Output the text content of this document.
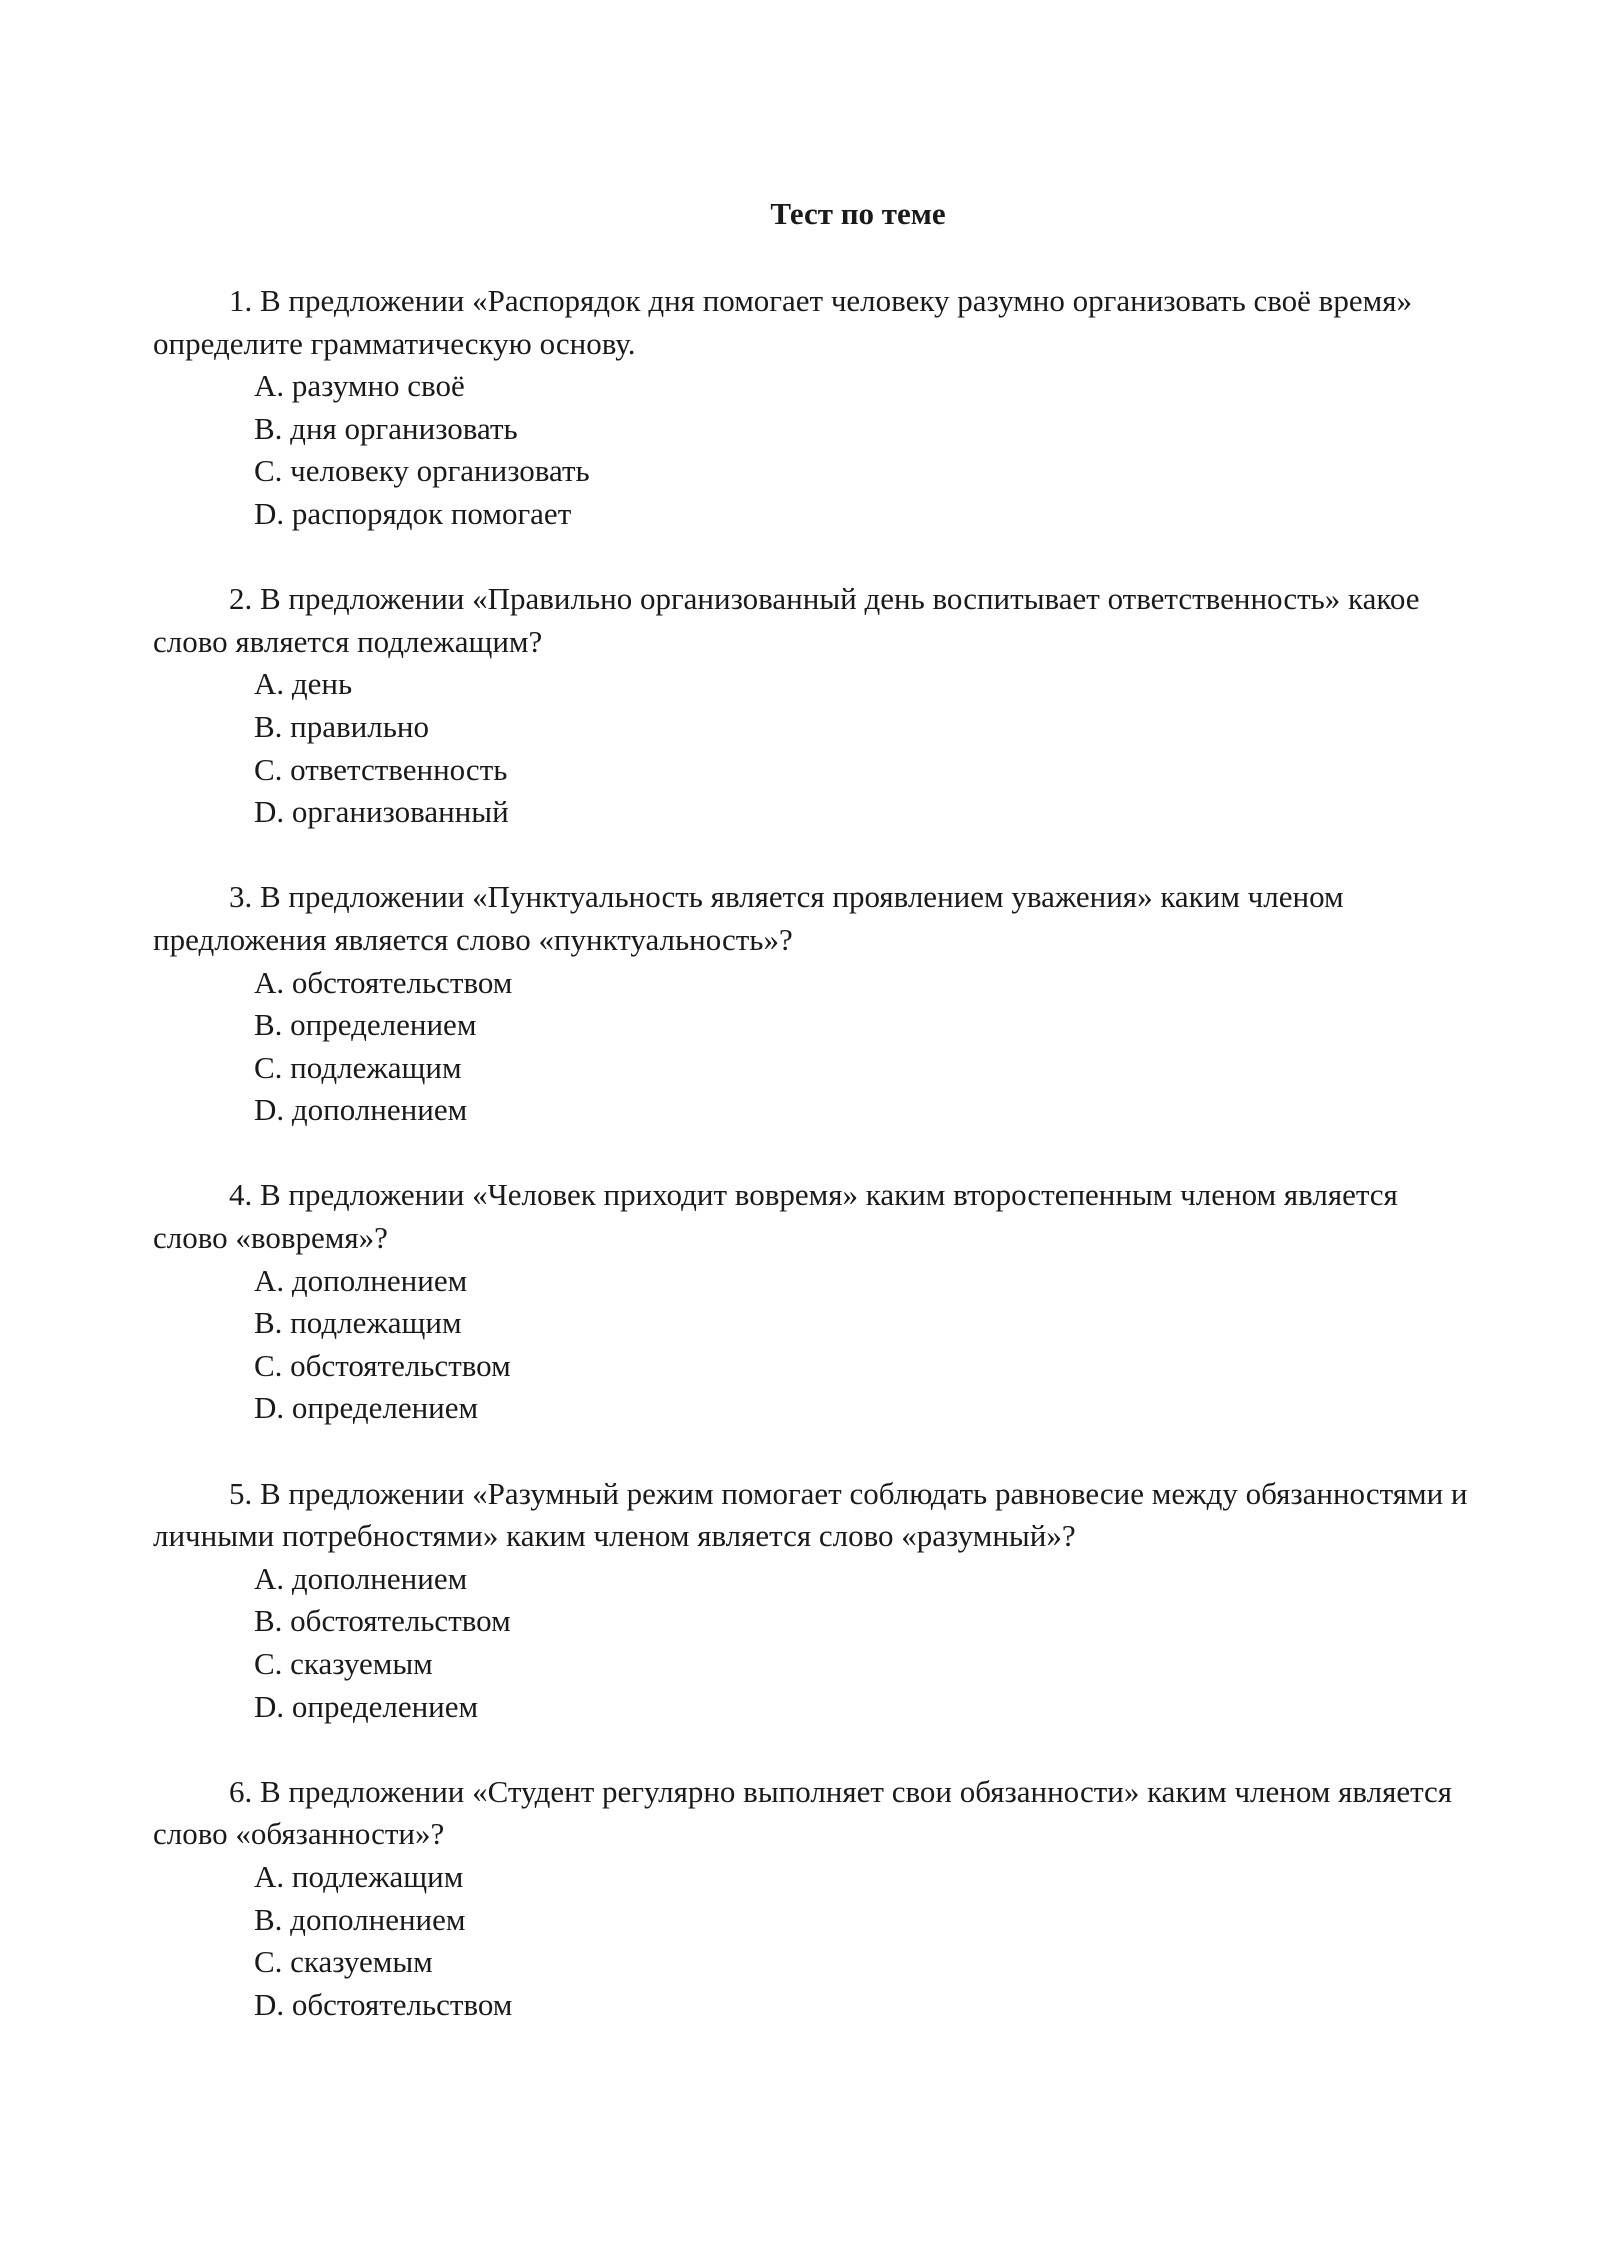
Тест по теме

1. В предложении «Распорядок дня помогает человеку разумно организовать своё время» определите грамматическую основу.

A. разумно своё
B. дня организовать
C. человеку организовать
D. распорядок помогает

2. В предложении «Правильно организованный день воспитывает ответственность» какое слово является подлежащим?

A. день
B. правильно
C. ответственность
D. организованный

3. В предложении «Пунктуальность является проявлением уважения» каким членом предложения является слово «пунктуальность»?

A. обстоятельством
B. определением
C. подлежащим
D. дополнением

4. В предложении «Человек приходит вовремя» каким второстепенным членом является слово «вовремя»?

A. дополнением
B. подлежащим
C. обстоятельством
D. определением

5. В предложении «Разумный режим помогает соблюдать равновесие между обязанностями и личными потребностями» каким членом является слово «разумный»?

A. дополнением
B. обстоятельством
C. сказуемым
D. определением

6. В предложении «Студент регулярно выполняет свои обязанности» каким членом является слово «обязанности»?

A. подлежащим
B. дополнением
C. сказуемым
D. обстоятельством
